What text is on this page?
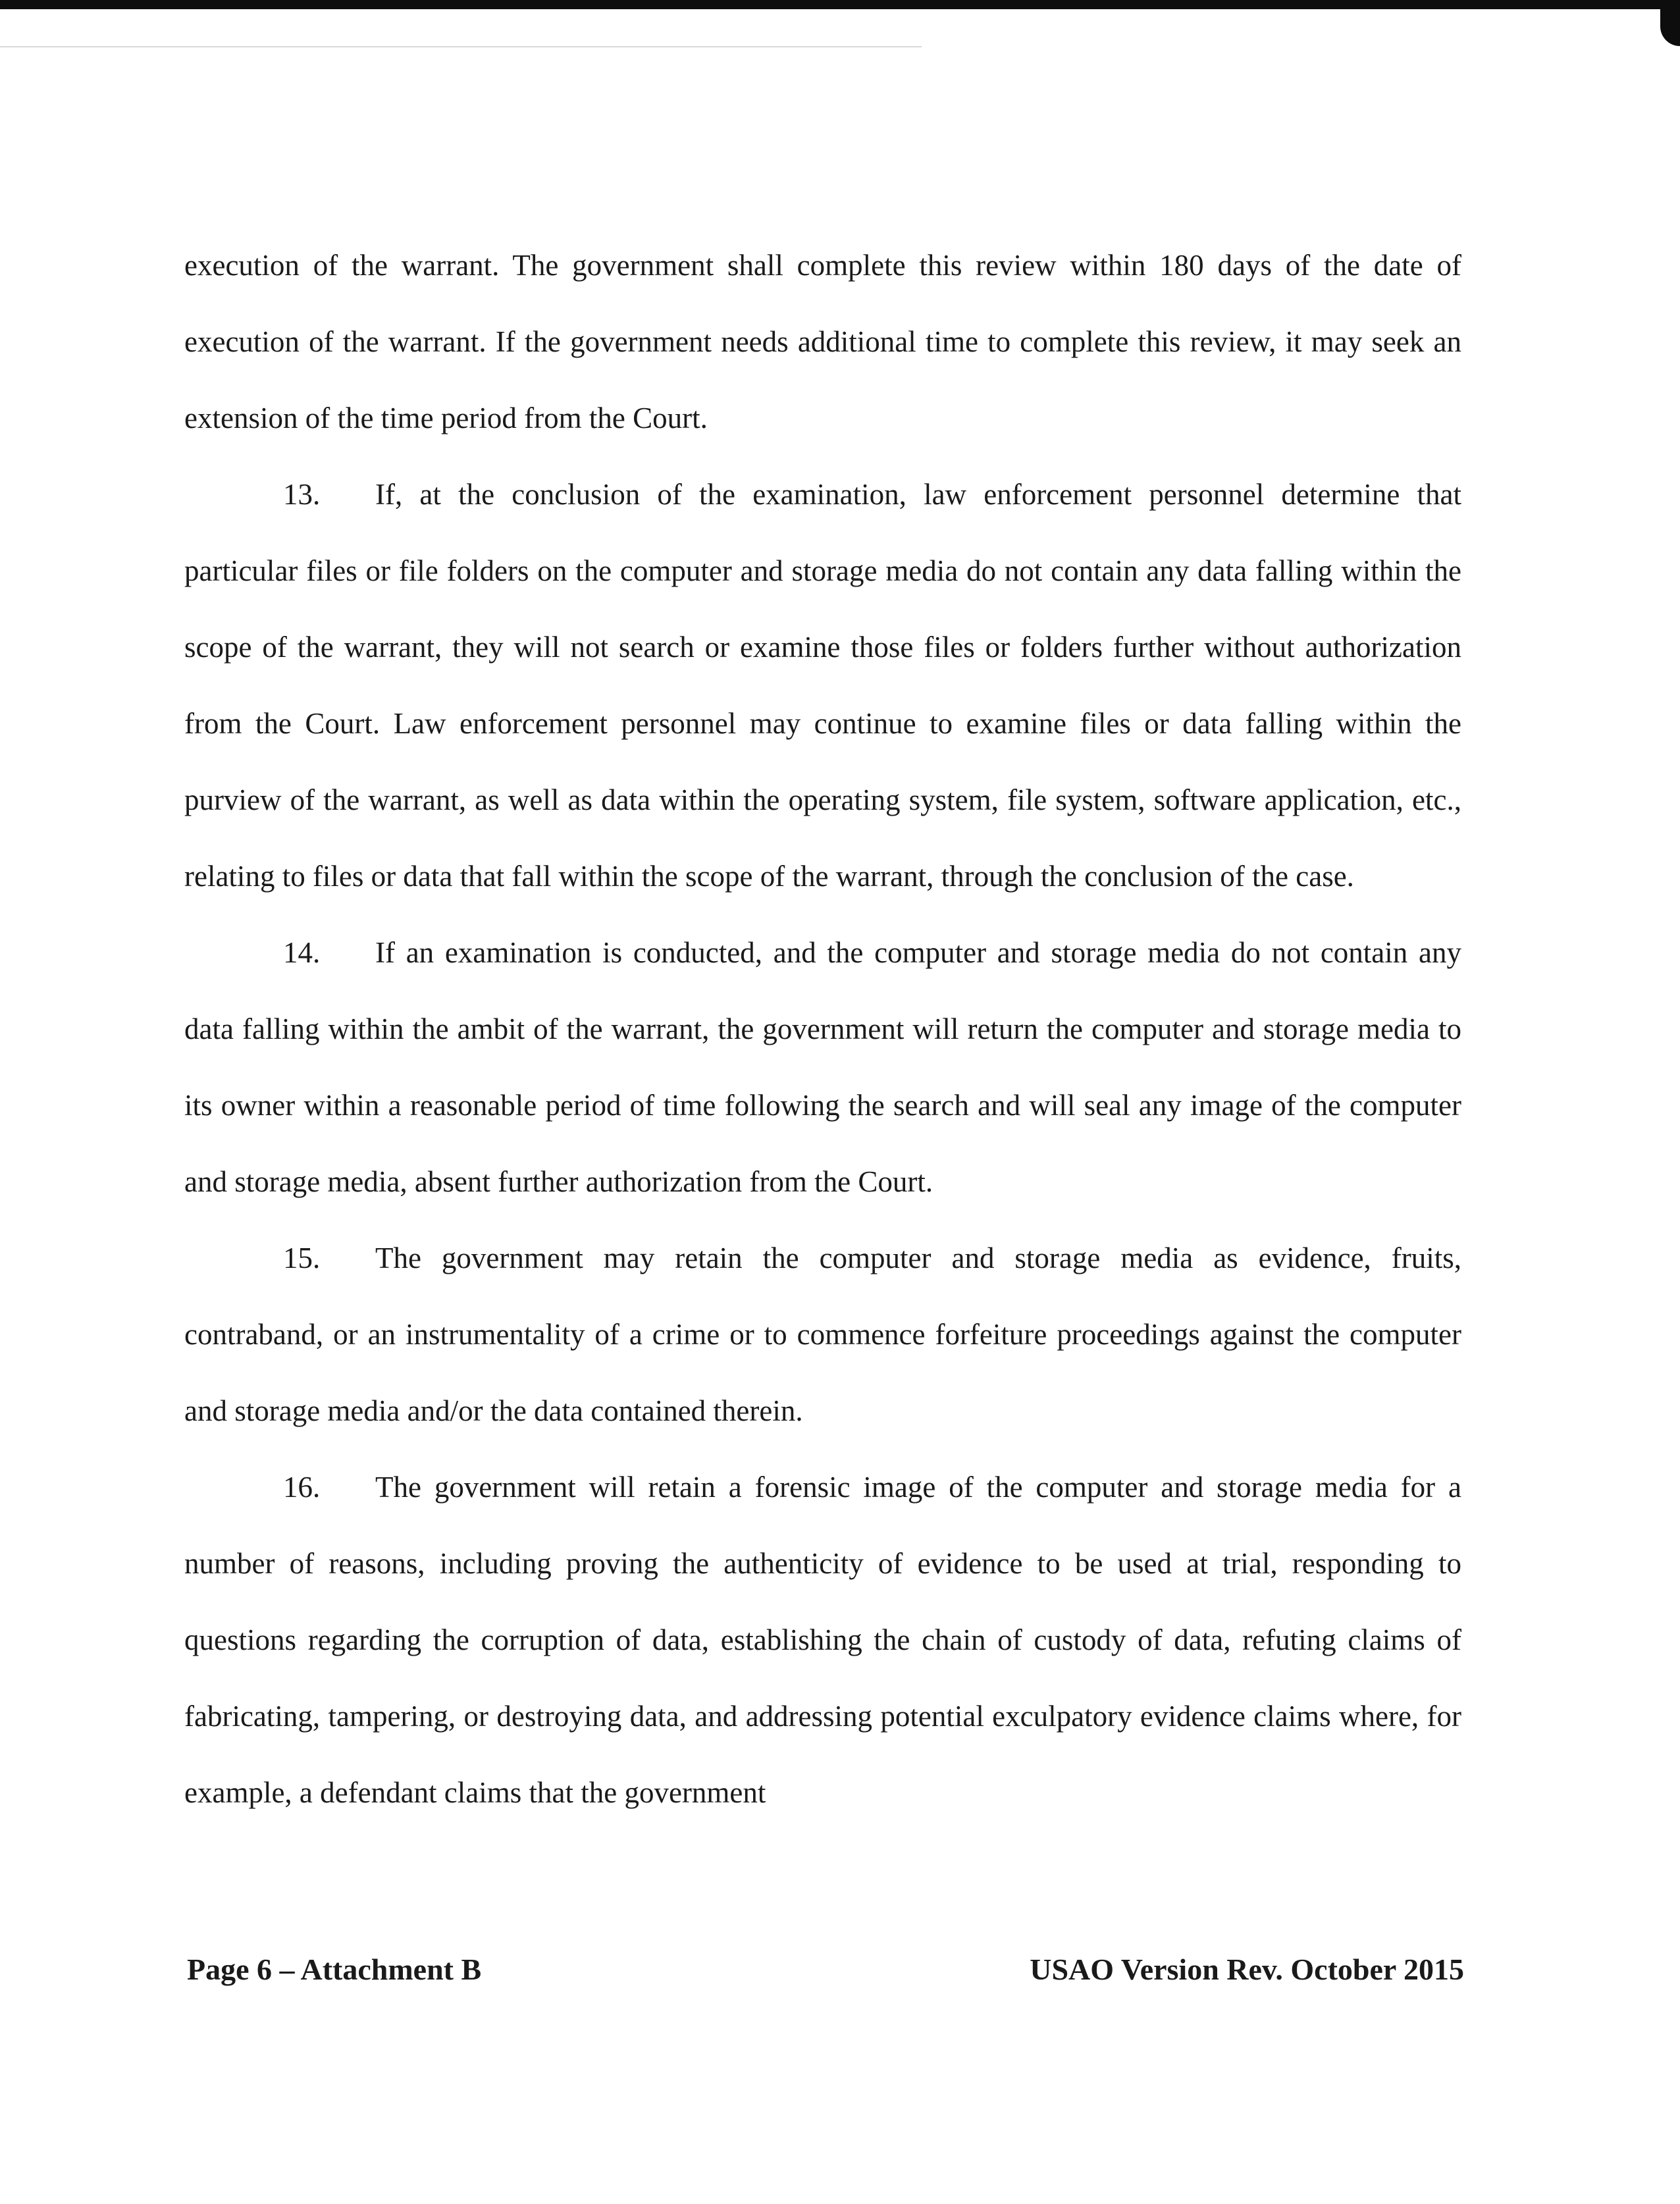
execution of the warrant. The government shall complete this review within 180 days of the date of execution of the warrant. If the government needs additional time to complete this review, it may seek an extension of the time period from the Court.

13. If, at the conclusion of the examination, law enforcement personnel determine that particular files or file folders on the computer and storage media do not contain any data falling within the scope of the warrant, they will not search or examine those files or folders further without authorization from the Court. Law enforcement personnel may continue to examine files or data falling within the purview of the warrant, as well as data within the operating system, file system, software application, etc., relating to files or data that fall within the scope of the warrant, through the conclusion of the case.

14. If an examination is conducted, and the computer and storage media do not contain any data falling within the ambit of the warrant, the government will return the computer and storage media to its owner within a reasonable period of time following the search and will seal any image of the computer and storage media, absent further authorization from the Court.

15. The government may retain the computer and storage media as evidence, fruits, contraband, or an instrumentality of a crime or to commence forfeiture proceedings against the computer and storage media and/or the data contained therein.

16. The government will retain a forensic image of the computer and storage media for a number of reasons, including proving the authenticity of evidence to be used at trial, responding to questions regarding the corruption of data, establishing the chain of custody of data, refuting claims of fabricating, tampering, or destroying data, and addressing potential exculpatory evidence claims where, for example, a defendant claims that the government

Page 6 – Attachment B	USAO Version Rev. October 2015
